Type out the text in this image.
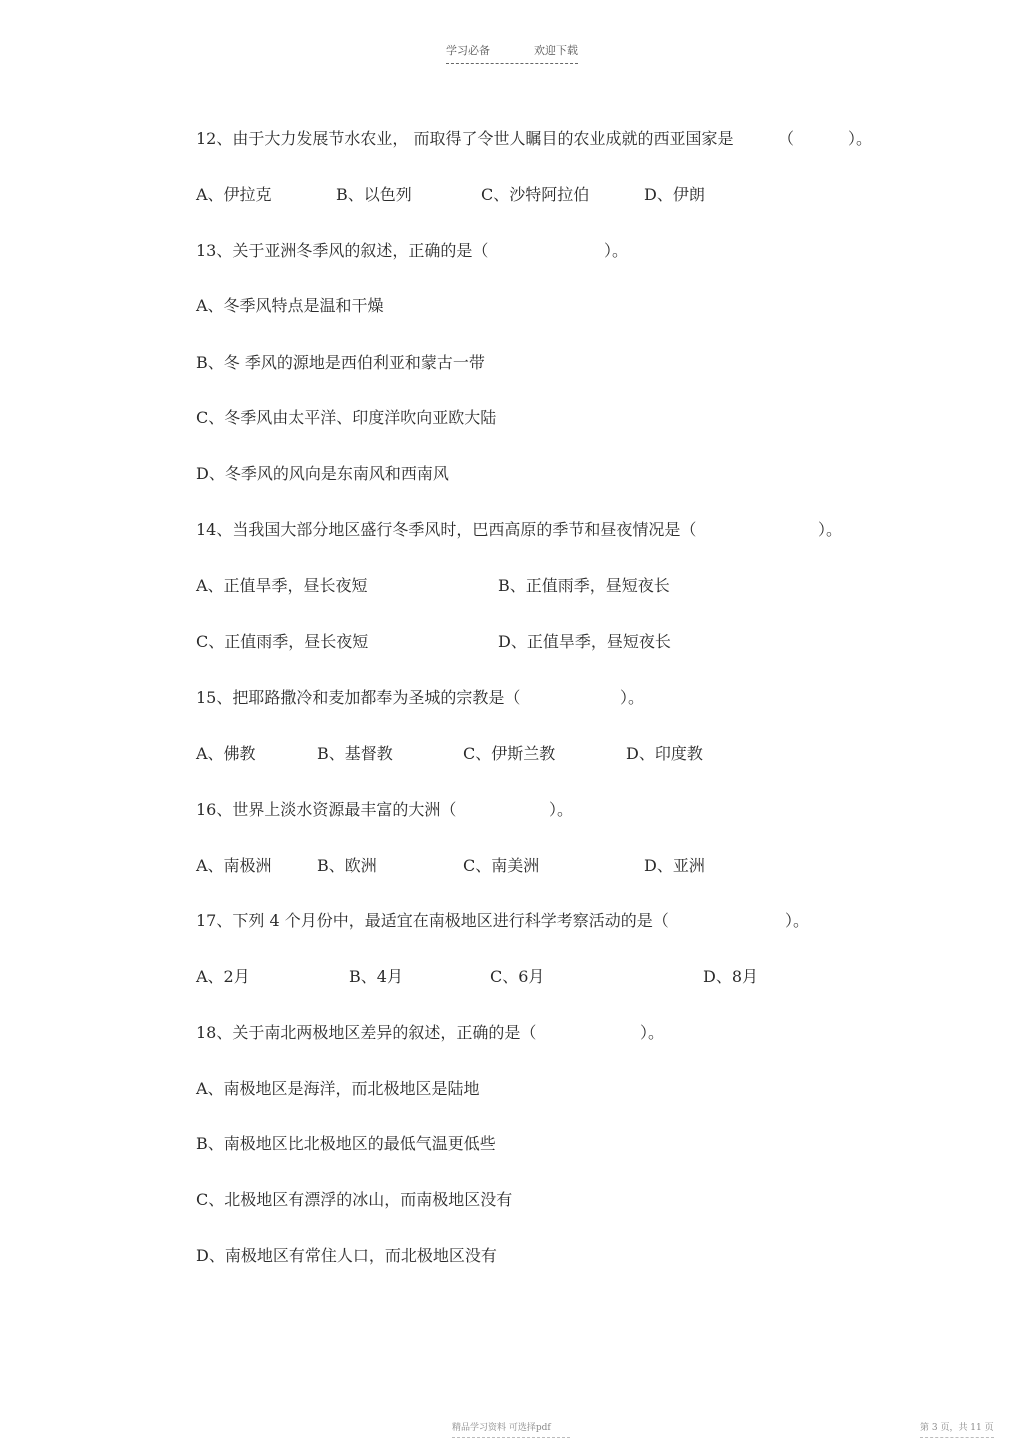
学习必备	欢迎下载
12、由于大力发展节水农业， 而取得了令世人瞩目的农业成就的西亚国家是	（	）。
A、伊拉克	B、以色列	C、沙特阿拉伯	D、伊朗
13、关于亚洲冬季风的叙述，正确的是（	）。
A、冬季风特点是温和干燥
B、冬 季风的源地是西伯利亚和蒙古一带
C、冬季风由太平洋、印度洋吹向亚欧大陆
D、冬季风的风向是东南风和西南风
14、当我国大部分地区盛行冬季风时，巴西高原的季节和昼夜情况是（	）。
A、正值旱季，昼长夜短	B、正值雨季，昼短夜长
C、正值雨季，昼长夜短	D、正值旱季，昼短夜长
15、把耶路撒冷和麦加都奉为圣城的宗教是（	）。
A、佛教	B、基督教	C、伊斯兰教	D、印度教
16、世界上淡水资源最丰富的大洲（	）。
A、南极洲	B、欧洲	C、南美洲	D、亚洲
17、下列 4 个月份中，最适宜在南极地区进行科学考察活动的是（	）。
A、2月	B、4月	C、6月	D、8月
18、关于南北两极地区差异的叙述，正确的是（	）。
A、南极地区是海洋，而北极地区是陆地
B、南极地区比北极地区的最低气温更低些
C、北极地区有漂浮的冰山，而南极地区没有
D、南极地区有常住人口，而北极地区没有
精品学习资料 可选择pdf	第 3 页，共 11 页
